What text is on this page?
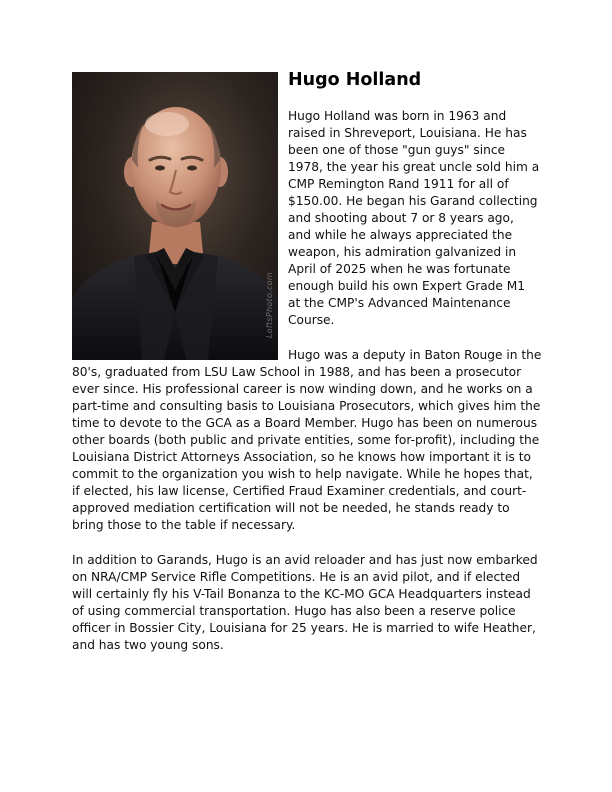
LoftsPhoto.com
Hugo Holland

Hugo Holland was born in 1963 and raised in Shreveport, Louisiana. He has been one of those "gun guys" since 1978, the year his great uncle sold him a CMP Remington Rand 1911 for all of $150.00. He began his Garand collecting and shooting about 7 or 8 years ago, and while he always appreciated the weapon, his admiration galvanized in April of 2025 when he was fortunate enough build his own Expert Grade M1 at the CMP's Advanced Maintenance Course.

Hugo was a deputy in Baton Rouge in the 80's, graduated from LSU Law School in 1988, and has been a prosecutor ever since. His professional career is now winding down, and he works on a part-time and consulting basis to Louisiana Prosecutors, which gives him the time to devote to the GCA as a Board Member. Hugo has been on numerous other boards (both public and private entities, some for-profit), including the Louisiana District Attorneys Association, so he knows how important it is to commit to the organization you wish to help navigate. While he hopes that, if elected, his law license, Certified Fraud Examiner credentials, and court-approved mediation certification will not be needed, he stands ready to bring those to the table if necessary.

In addition to Garands, Hugo is an avid reloader and has just now embarked on NRA/CMP Service Rifle Competitions. He is an avid pilot, and if elected will certainly fly his V-Tail Bonanza to the KC-MO GCA Headquarters instead of using commercial transportation. Hugo has also been a reserve police officer in Bossier City, Louisiana for 25 years. He is married to wife Heather, and has two young sons.
